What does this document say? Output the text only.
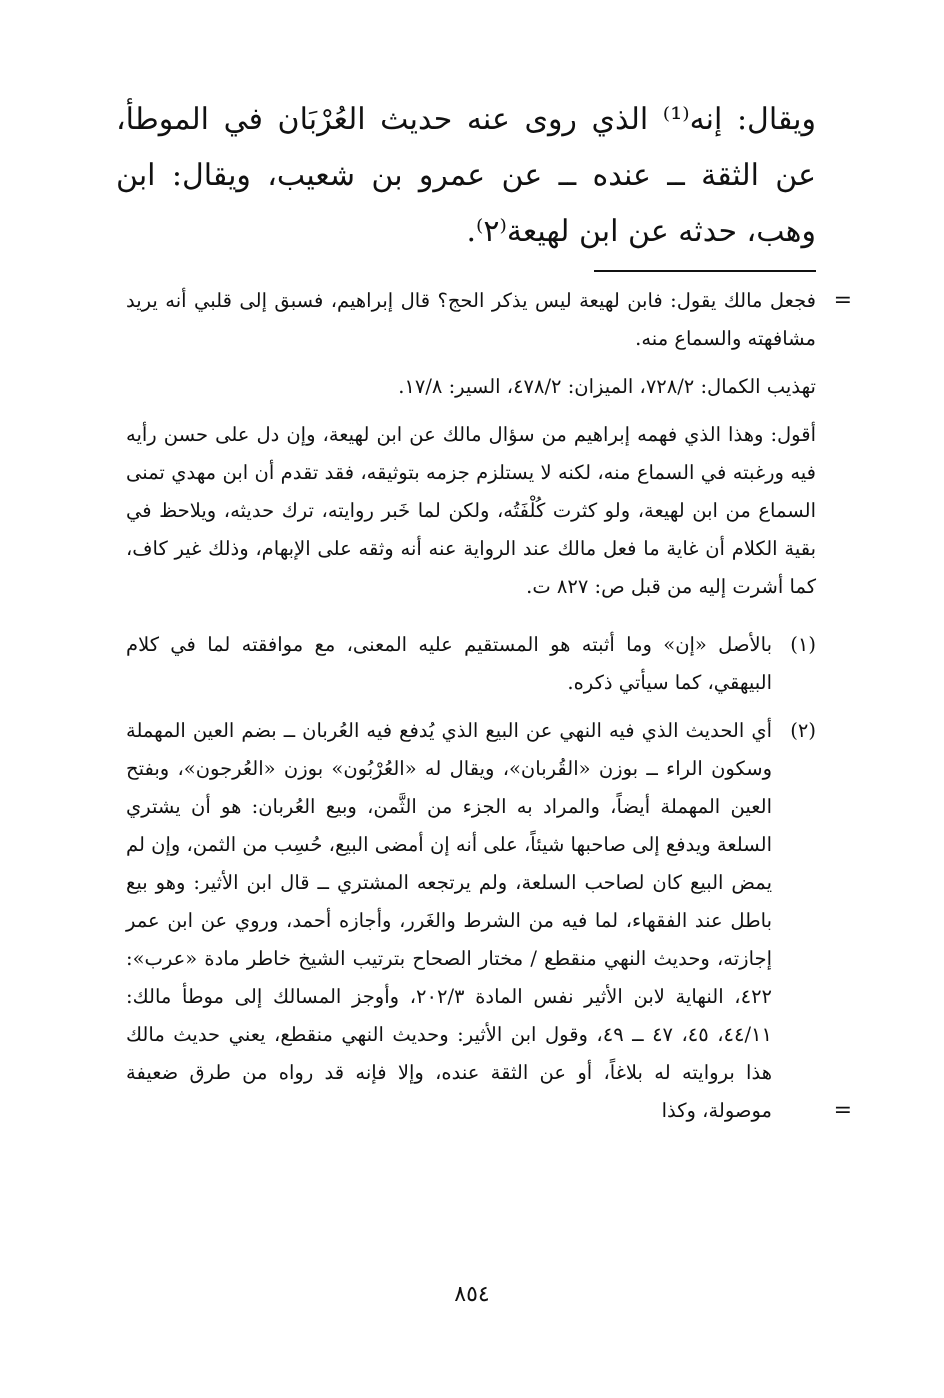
ويقال: إنه⁽¹⁾ الذي روى عنه حديث العُرْبَان في الموطأ، عن الثقة ــ عنده ــ عن عمرو بن شعيب، ويقال: ابن وهب، حدثه عن ابن لهيعة⁽٢⁾.

=

فجعل مالك يقول: فابن لهيعة ليس يذكر الحج؟ قال إبراهيم، فسبق إلى قلبي أنه يريد مشافهته والسماع منه.

تهذيب الكمال: ٧٢٨/٢، الميزان: ٤٧٨/٢، السير: ١٧/٨.

أقول: وهذا الذي فهمه إبراهيم من سؤال مالك عن ابن لهيعة، وإن دل على حسن رأيه فيه ورغبته في السماع منه، لكنه لا يستلزم جزمه بتوثيقه، فقد تقدم أن ابن مهدي تمنى السماع من ابن لهيعة، ولو كثرت كُلْفَتُه، ولكن لما خَبر روايته، ترك حديثه، ويلاحظ في بقية الكلام أن غاية ما فعل مالك عند الرواية عنه أنه وثقه على الإبهام، وذلك غير كاف، كما أشرت إليه من قبل ص: ٨٢٧ ت.

(١)

بالأصل «إن» وما أثبته هو المستقيم عليه المعنى، مع موافقته لما في كلام البيهقي، كما سيأتي ذكره.

(٢)

أي الحديث الذي فيه النهي عن البيع الذي يُدفع فيه العُربان ــ بضم العين المهملة وسكون الراء ــ بوزن «القُربان»، ويقال له «العُرْبُون» بوزن «العُرجون»، وبفتح العين المهملة أيضاً، والمراد به الجزء من الثَّمن، وبيع العُربان: هو أن يشتري السلعة ويدفع إلى صاحبها شيئاً، على أنه إن أمضى البيع، حُسِب من الثمن، وإن لم يمض البيع كان لصاحب السلعة، ولم يرتجعه المشتري ــ قال ابن الأثير: وهو بيع باطل عند الفقهاء، لما فيه من الشرط والغَرر، وأجازه أحمد، وروي عن ابن عمر إجازته، وحديث النهي منقطع / مختار الصحاح بترتيب الشيخ خاطر مادة «عرب»: ٤٢٢، النهاية لابن الأثير نفس المادة ٢٠٢/٣، وأوجز المسالك إلى موطأ مالك: ٤٤/١١، ٤٥، ٤٧ ــ ٤٩، وقول ابن الأثير: وحديث النهي منقطع، يعني حديث مالك هذا بروايته له بلاغاً، أو عن الثقة عنده، وإلا فإنه قد رواه من طرق ضعيفة موصولة، وكذا	=
٨٥٤
